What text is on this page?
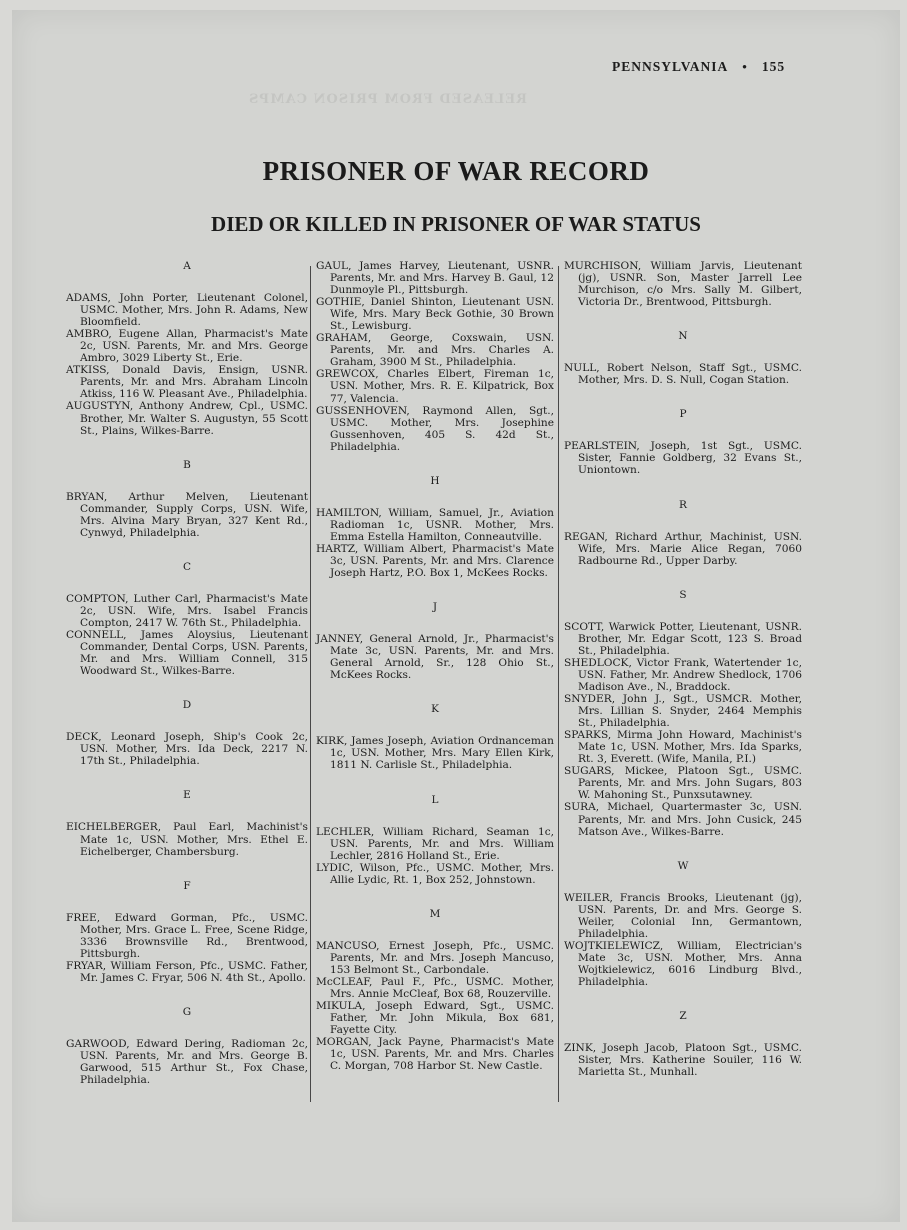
PENNSYLVANIA • 155
RELEASED FROM PRISON CAMPS
PRISONER OF WAR RECORD
DIED OR KILLED IN PRISONER OF WAR STATUS
A

ADAMS, John Porter, Lieutenant Colonel, USMC. Mother, Mrs. John R. Adams, New Bloomfield.

AMBRO, Eugene Allan, Pharmacist's Mate 2c, USN. Parents, Mr. and Mrs. George Ambro, 3029 Liberty St., Erie.

ATKISS, Donald Davis, Ensign, USNR. Parents, Mr. and Mrs. Abraham Lincoln Atkiss, 116 W. Pleasant Ave., Philadelphia.

AUGUSTYN, Anthony Andrew, Cpl., USMC. Brother, Mr. Walter S. Augustyn, 55 Scott St., Plains, Wilkes-Barre.

B

BRYAN, Arthur Melven, Lieutenant Commander, Supply Corps, USN. Wife, Mrs. Alvina Mary Bryan, 327 Kent Rd., Cynwyd, Philadelphia.

C

COMPTON, Luther Carl, Pharmacist's Mate 2c, USN. Wife, Mrs. Isabel Francis Compton, 2417 W. 76th St., Philadelphia.

CONNELL, James Aloysius, Lieutenant Commander, Dental Corps, USN. Parents, Mr. and Mrs. William Connell, 315 Woodward St., Wilkes-Barre.

D

DECK, Leonard Joseph, Ship's Cook 2c, USN. Mother, Mrs. Ida Deck, 2217 N. 17th St., Philadelphia.

E

EICHELBERGER, Paul Earl, Machinist's Mate 1c, USN. Mother, Mrs. Ethel E. Eichelberger, Chambersburg.

F

FREE, Edward Gorman, Pfc., USMC. Mother, Mrs. Grace L. Free, Scene Ridge, 3336 Brownsville Rd., Brentwood, Pittsburgh.

FRYAR, William Ferson, Pfc., USMC. Father, Mr. James C. Fryar, 506 N. 4th St., Apollo.

G

GARWOOD, Edward Dering, Radioman 2c, USN. Parents, Mr. and Mrs. George B. Garwood, 515 Arthur St., Fox Chase, Philadelphia.

GAUL, James Harvey, Lieutenant, USNR. Parents, Mr. and Mrs. Harvey B. Gaul, 12 Dunmoyle Pl., Pittsburgh.

GOTHIE, Daniel Shinton, Lieutenant USN. Wife, Mrs. Mary Beck Gothie, 30 Brown St., Lewisburg.

GRAHAM, George, Coxswain, USN. Parents, Mr. and Mrs. Charles A. Graham, 3900 M St., Philadelphia.

GREWCOX, Charles Elbert, Fireman 1c, USN. Mother, Mrs. R. E. Kilpatrick, Box 77, Valencia.

GUSSENHOVEN, Raymond Allen, Sgt., USMC. Mother, Mrs. Josephine Gussenhoven, 405 S. 42d St., Philadelphia.

H

HAMILTON, William, Samuel, Jr., Aviation Radioman 1c, USNR. Mother, Mrs. Emma Estella Hamilton, Conneautville.

HARTZ, William Albert, Pharmacist's Mate 3c, USN. Parents, Mr. and Mrs. Clarence Joseph Hartz, P.O. Box 1, McKees Rocks.

J

JANNEY, General Arnold, Jr., Pharmacist's Mate 3c, USN. Parents, Mr. and Mrs. General Arnold, Sr., 128 Ohio St., McKees Rocks.

K

KIRK, James Joseph, Aviation Ordnanceman 1c, USN. Mother, Mrs. Mary Ellen Kirk, 1811 N. Carlisle St., Philadelphia.

L

LECHLER, William Richard, Seaman 1c, USN. Parents, Mr. and Mrs. William Lechler, 2816 Holland St., Erie.

LYDIC, Wilson, Pfc., USMC. Mother, Mrs. Allie Lydic, Rt. 1, Box 252, Johnstown.

M

MANCUSO, Ernest Joseph, Pfc., USMC. Parents, Mr. and Mrs. Joseph Mancuso, 153 Belmont St., Carbondale.

McCLEAF, Paul F., Pfc., USMC. Mother, Mrs. Annie McCleaf, Box 68, Rouzerville.

MIKULA, Joseph Edward, Sgt., USMC. Father, Mr. John Mikula, Box 681, Fayette City.

MORGAN, Jack Payne, Pharmacist's Mate 1c, USN. Parents, Mr. and Mrs. Charles C. Morgan, 708 Harbor St. New Castle.

MURCHISON, William Jarvis, Lieutenant (jg), USNR. Son, Master Jarrell Lee Murchison, c/o Mrs. Sally M. Gilbert, Victoria Dr., Brentwood, Pittsburgh.

N

NULL, Robert Nelson, Staff Sgt., USMC. Mother, Mrs. D. S. Null, Cogan Station.

P

PEARLSTEIN, Joseph, 1st Sgt., USMC. Sister, Fannie Goldberg, 32 Evans St., Uniontown.

R

REGAN, Richard Arthur, Machinist, USN. Wife, Mrs. Marie Alice Regan, 7060 Radbourne Rd., Upper Darby.

S

SCOTT, Warwick Potter, Lieutenant, USNR. Brother, Mr. Edgar Scott, 123 S. Broad St., Philadelphia.

SHEDLOCK, Victor Frank, Watertender 1c, USN. Father, Mr. Andrew Shedlock, 1706 Madison Ave., N., Braddock.

SNYDER, John J., Sgt., USMCR. Mother, Mrs. Lillian S. Snyder, 2464 Memphis St., Philadelphia.

SPARKS, Mirma John Howard, Machinist's Mate 1c, USN. Mother, Mrs. Ida Sparks, Rt. 3, Everett. (Wife, Manila, P.I.)

SUGARS, Mickee, Platoon Sgt., USMC. Parents, Mr. and Mrs. John Sugars, 803 W. Mahoning St., Punxsutawney.

SURA, Michael, Quartermaster 3c, USN. Parents, Mr. and Mrs. John Cusick, 245 Matson Ave., Wilkes-Barre.

W

WEILER, Francis Brooks, Lieutenant (jg), USN. Parents, Dr. and Mrs. George S. Weiler, Colonial Inn, Germantown, Philadelphia.

WOJTKIELEWICZ, William, Electrician's Mate 3c, USN. Mother, Mrs. Anna Wojtkielewicz, 6016 Lindburg Blvd., Philadelphia.

Z

ZINK, Joseph Jacob, Platoon Sgt., USMC. Sister, Mrs. Katherine Souiler, 116 W. Marietta St., Munhall.
